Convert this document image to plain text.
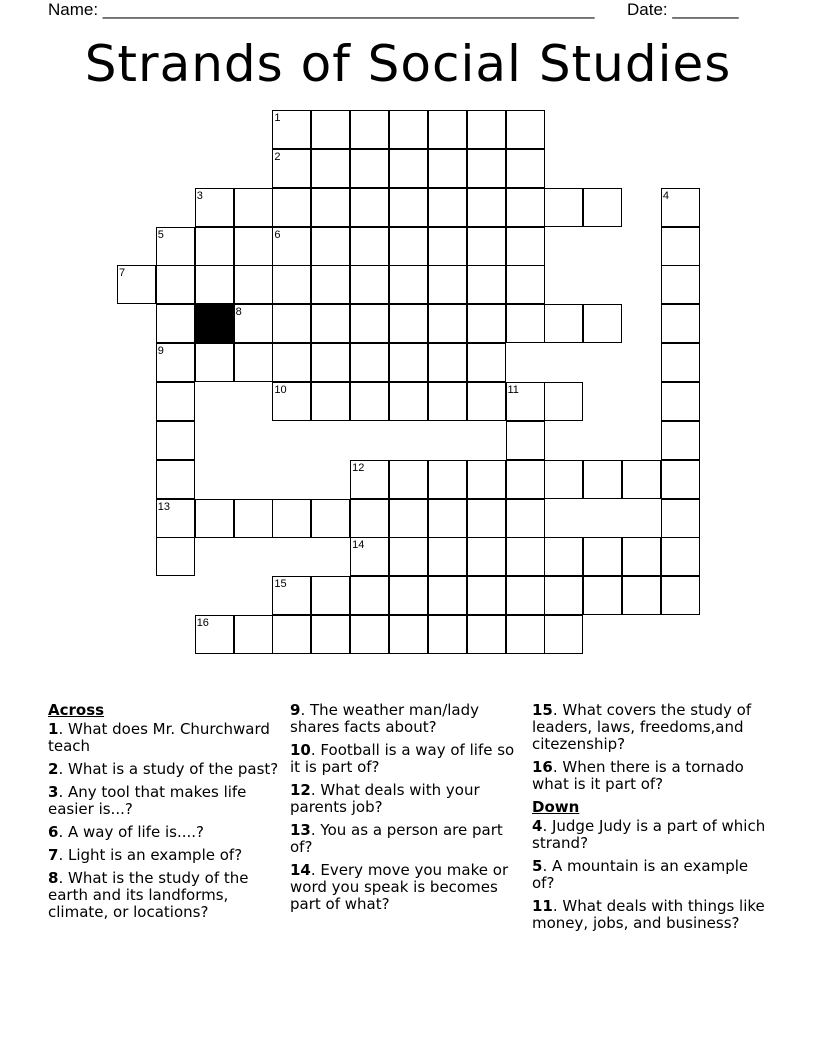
Name: ____________________________________________________ Date: _______
Strands of Social Studies
1
2
3	4
5	6
7
8
9
10	11
12
13
14
15
16
Across
1. What does Mr. Churchward teach
2. What is a study of the past?
3. Any tool that makes life easier is...?
6. A way of life is....?
7. Light is an example of?
8. What is the study of the earth and its landforms, climate, or locations?
9. The weather man/lady shares facts about?
10. Football is a way of life so it is part of?
12. What deals with your parents job?
13. You as a person are part of?
14. Every move you make or word you speak is becomes part of what?
15. What covers the study of leaders, laws, freedoms,and citezenship?
16. When there is a tornado what is it part of?
Down
4. Judge Judy is a part of which strand?
5. A mountain is an example of?
11. What deals with things like money, jobs, and business?
